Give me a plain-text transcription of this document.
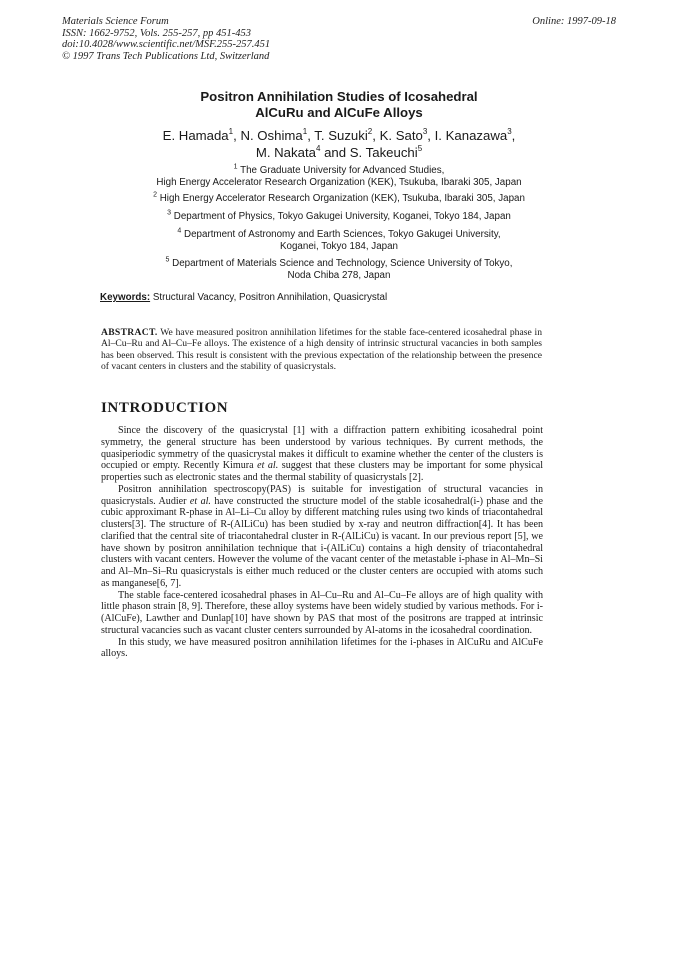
Materials Science Forum
ISSN: 1662-9752, Vols. 255-257, pp 451-453
doi:10.4028/www.scientific.net/MSF.255-257.451
© 1997 Trans Tech Publications Ltd, Switzerland
Online: 1997-09-18
Positron Annihilation Studies of Icosahedral
AlCuRu and AlCuFe Alloys
E. Hamada$^1$, N. Oshima$^1$, T. Suzuki$^2$, K. Sato$^3$, I. Kanazawa$^3$,
M. Nakata$^4$ and S. Takeuchi$^5$
$^1$ The Graduate University for Advanced Studies,
High Energy Accelerator Research Organization (KEK), Tsukuba, Ibaraki 305, Japan
$^2$ High Energy Accelerator Research Organization (KEK), Tsukuba, Ibaraki 305, Japan
$^3$ Department of Physics, Tokyo Gakugei University, Koganei, Tokyo 184, Japan
$^4$ Department of Astronomy and Earth Sciences, Tokyo Gakugei University,
Koganei, Tokyo 184, Japan
$^5$ Department of Materials Science and Technology, Science University of Tokyo,
Noda Chiba 278, Japan
Keywords: Structural Vacancy, Positron Annihilation, Quasicrystal
ABSTRACT. We have measured positron annihilation lifetimes for the stable face-centered icosahedral phase in Al–Cu–Ru and Al–Cu–Fe alloys. The existence of a high density of intrinsic structural vacancies in both samples has been observed. This result is consistent with the previous expectation of the relationship between the presence of vacant centers in clusters and the stability of quasicrystals.
INTRODUCTION

Since the discovery of the quasicrystal [1] with a diffraction pattern exhibiting icosahedral point symmetry, the general structure has been understood by various techniques. By current methods, the quasiperiodic symmetry of the quasicrystal makes it difficult to examine whether the center of the clusters is occupied or empty. Recently Kimura et al. suggest that these clusters may be important for some physical properties such as electronic states and the thermal stability of quasicrystals [2].

Positron annihilation spectroscopy(PAS) is suitable for investigation of structural vacancies in quasicrystals. Audier et al. have constructed the structure model of the stable icosahedral(i-) phase and the cubic approximant R-phase in Al–Li–Cu alloy by different matching rules using two kinds of triacontahedral clusters[3]. The structure of R-(AlLiCu) has been studied by x-ray and neutron diffraction[4]. It has been clarified that the central site of triacontahedral cluster in R-(AlLiCu) is vacant. In our previous report [5], we have shown by positron annihilation technique that i-(AlLiCu) contains a high density of triacontahedral clusters with vacant centers. However the volume of the vacant center of the metastable i-phase in Al–Mn–Si and Al–Mn–Si–Ru quasicrystals is either much reduced or the cluster centers are occupied with atoms such as manganese[6, 7].

The stable face-centered icosahedral phases in Al–Cu–Ru and Al–Cu–Fe alloys are of high quality with little phason strain [8, 9]. Therefore, these alloy systems have been widely studied by various methods. For i-(AlCuFe), Lawther and Dunlap[10] have shown by PAS that most of the positrons are trapped at intrinsic structural vacancies such as vacant cluster centers surrounded by Al-atoms in the icosahedral coordination.

In this study, we have measured positron annihilation lifetimes for the i-phases in AlCuRu and AlCuFe alloys.
